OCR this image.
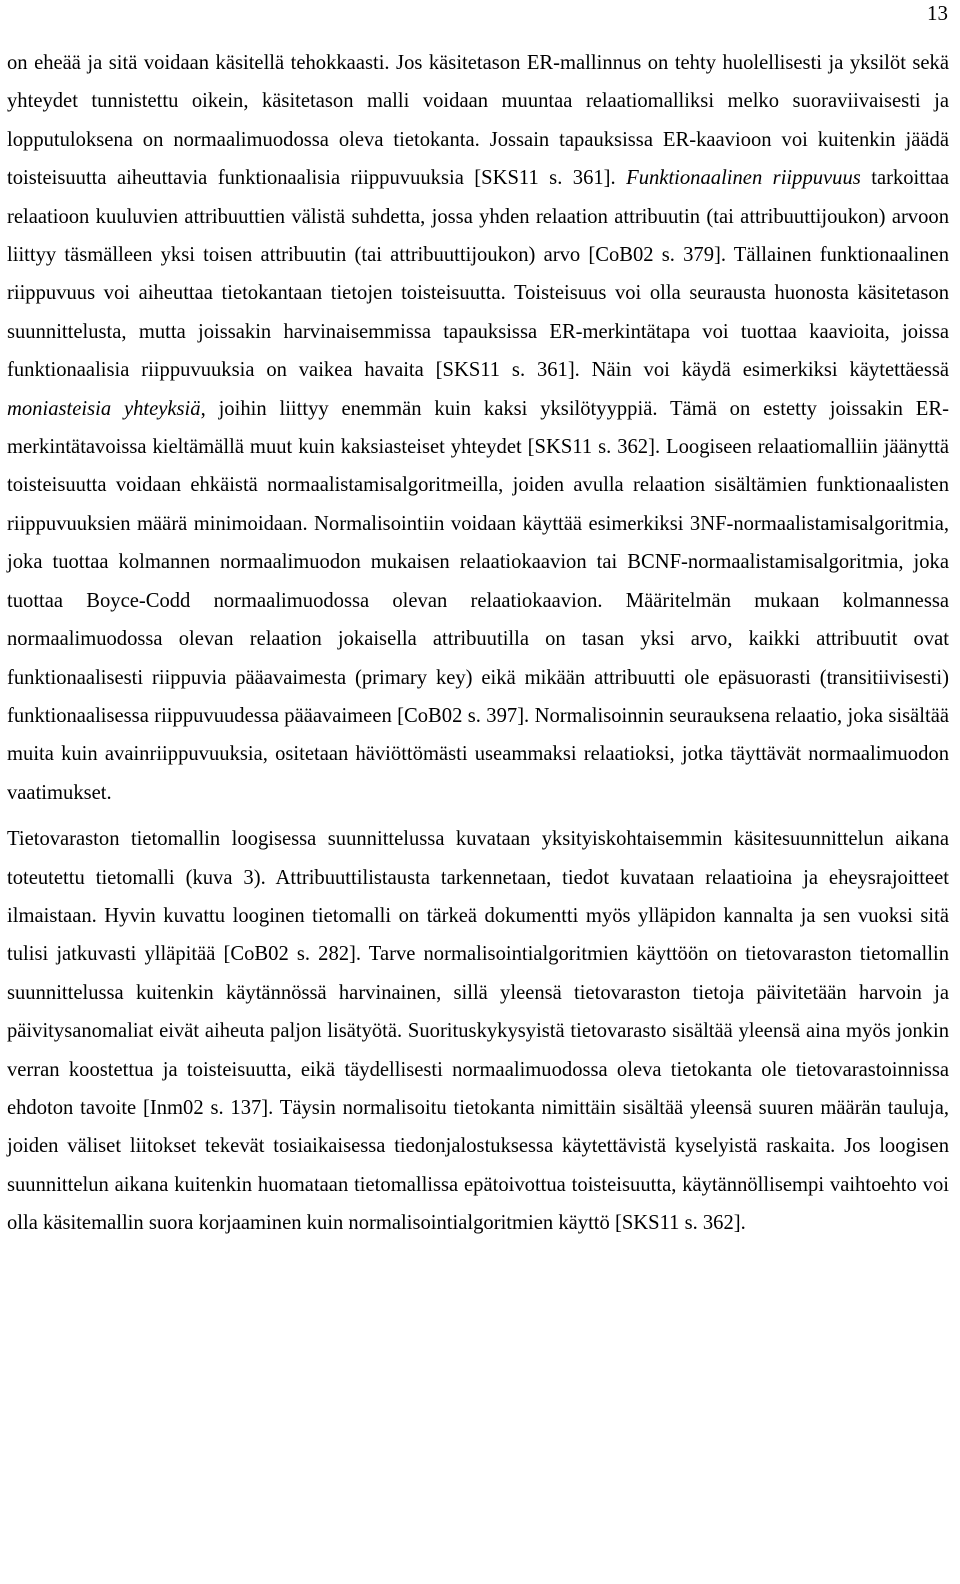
13

on eheää ja sitä voidaan käsitellä tehokkaasti. Jos käsitetason ER-mallinnus on tehty huolellisesti ja yksilöt sekä yhteydet tunnistettu oikein, käsitetason malli voidaan muuntaa relaatiomalliksi melko suoraviivaisesti ja lopputuloksena on normaalimuodossa oleva tietokanta. Jossain tapauksissa ER-kaavioon voi kuitenkin jäädä toisteisuutta aiheuttavia funktionaalisia riippuvuuksia [SKS11 s. 361]. Funktionaalinen riippuvuus tarkoittaa relaatioon kuuluvien attribuuttien välistä suhdetta, jossa yhden relaation attribuutin (tai attribuuttijoukon) arvoon liittyy täsmälleen yksi toisen attribuutin (tai attribuuttijoukon) arvo [CoB02 s. 379]. Tällainen funktionaalinen riippuvuus voi aiheuttaa tietokantaan tietojen toisteisuutta. Toisteisuus voi olla seurausta huonosta käsitetason suunnittelusta, mutta joissakin harvinaisemmissa tapauksissa ER-merkintätapa voi tuottaa kaavioita, joissa funktionaalisia riippuvuuksia on vaikea havaita [SKS11 s. 361]. Näin voi käydä esimerkiksi käytettäessä moniasteisia yhteyksiä, joihin liittyy enemmän kuin kaksi yksilötyyppiä. Tämä on estetty joissakin ER-merkintätavoissa kieltämällä muut kuin kaksiasteiset yhteydet [SKS11 s. 362]. Loogiseen relaatiomalliin jäänyttä toisteisuutta voidaan ehkäistä normaalistamisalgoritmeilla, joiden avulla relaation sisältämien funktionaalisten riippuvuuksien määrä minimoidaan. Normalisointiin voidaan käyttää esimerkiksi 3NF-normaalistamisalgoritmia, joka tuottaa kolmannen normaalimuodon mukaisen relaatiokaavion tai BCNF-normaalistamisalgoritmia, joka tuottaa Boyce-Codd normaalimuodossa olevan relaatiokaavion. Määritelmän mukaan kolmannessa normaalimuodossa olevan relaation jokaisella attribuutilla on tasan yksi arvo, kaikki attribuutit ovat funktionaalisesti riippuvia pääavaimesta (primary key) eikä mikään attribuutti ole epäsuorasti (transitiivisesti) funktionaalisessa riippuvuudessa pääavaimeen [CoB02 s. 397]. Normalisoinnin seurauksena relaatio, joka sisältää muita kuin avainriippuvuuksia, ositetaan häviöttömästi useammaksi relaatioksi, jotka täyttävät normaalimuodon vaatimukset.

Tietovaraston tietomallin loogisessa suunnittelussa kuvataan yksityiskohtaisemmin käsitesuunnittelun aikana toteutettu tietomalli (kuva 3). Attribuuttilistausta tarkennetaan, tiedot kuvataan relaatioina ja eheysrajoitteet ilmaistaan. Hyvin kuvattu looginen tietomalli on tärkeä dokumentti myös ylläpidon kannalta ja sen vuoksi sitä tulisi jatkuvasti ylläpitää [CoB02 s. 282]. Tarve normalisointialgoritmien käyttöön on tietovaraston tietomallin suunnittelussa kuitenkin käytännössä harvinainen, sillä yleensä tietovaraston tietoja päivitetään harvoin ja päivitysanomaliat eivät aiheuta paljon lisätyötä. Suorituskykysyistä tietovarasto sisältää yleensä aina myös jonkin verran koostettua ja toisteisuutta, eikä täydellisesti normaalimuodossa oleva tietokanta ole tietovarastoinnissa ehdoton tavoite [Inm02 s. 137]. Täysin normalisoitu tietokanta nimittäin sisältää yleensä suuren määrän tauluja, joiden väliset liitokset tekevät tosiaikaisessa tiedonjalostuksessa käytettävistä kyselyistä raskaita. Jos loogisen suunnittelun aikana kuitenkin huomataan tietomallissa epätoivottua toisteisuutta, käytännöllisempi vaihtoehto voi olla käsitemallin suora korjaaminen kuin normalisointialgoritmien käyttö [SKS11 s. 362].
